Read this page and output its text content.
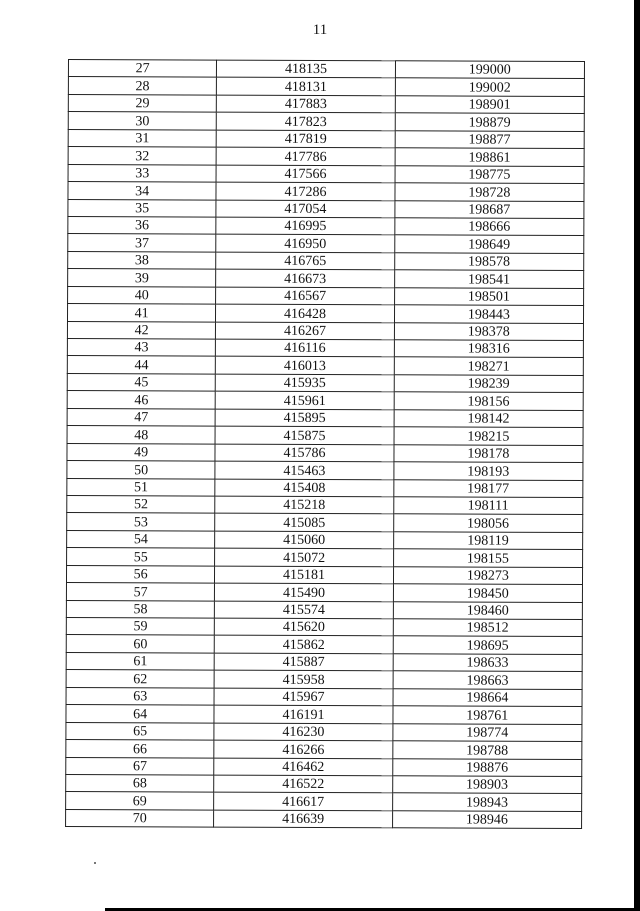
11
27	418135	199000
28	418131	199002
29	417883	198901
30	417823	198879
31	417819	198877
32	417786	198861
33	417566	198775
34	417286	198728
35	417054	198687
36	416995	198666
37	416950	198649
38	416765	198578
39	416673	198541
40	416567	198501
41	416428	198443
42	416267	198378
43	416116	198316
44	416013	198271
45	415935	198239
46	415961	198156
47	415895	198142
48	415875	198215
49	415786	198178
50	415463	198193
51	415408	198177
52	415218	198111
53	415085	198056
54	415060	198119
55	415072	198155
56	415181	198273
57	415490	198450
58	415574	198460
59	415620	198512
60	415862	198695
61	415887	198633
62	415958	198663
63	415967	198664
64	416191	198761
65	416230	198774
66	416266	198788
67	416462	198876
68	416522	198903
69	416617	198943
70	416639	198946
